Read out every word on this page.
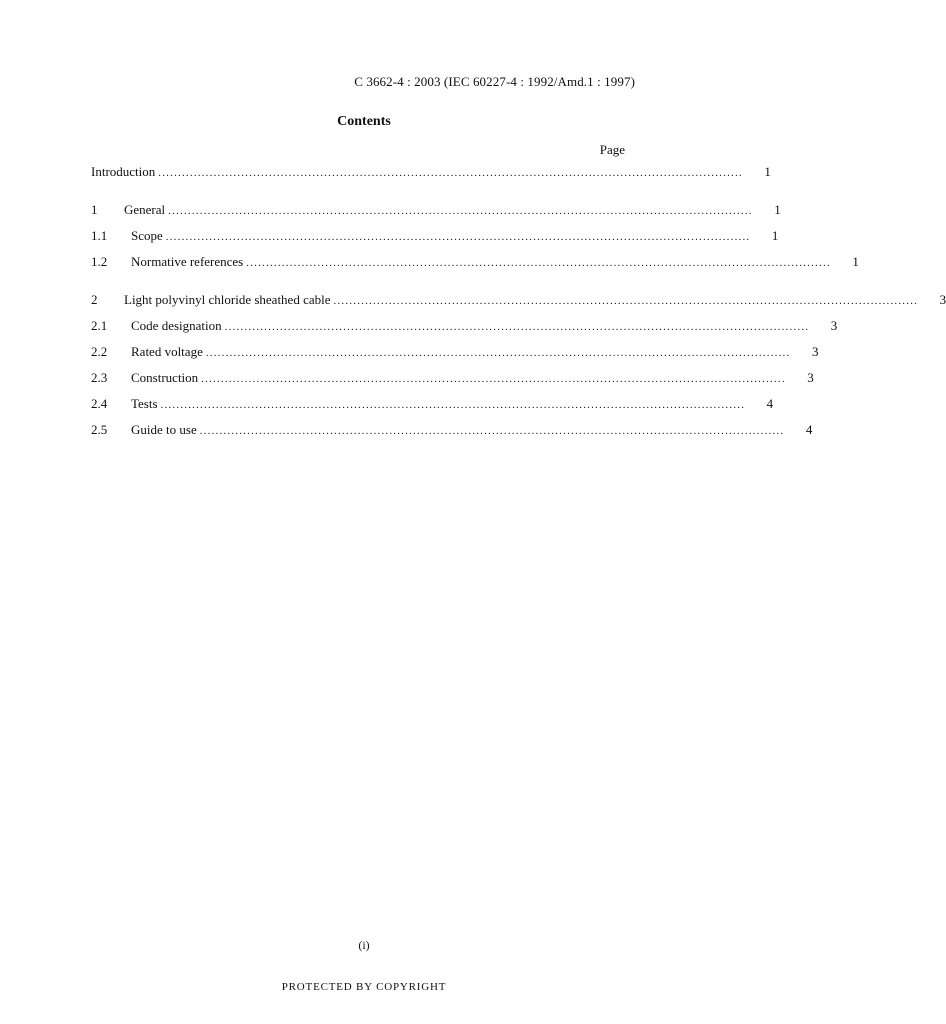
C 3662-4 : 2003 (IEC 60227-4 : 1992/Amd.1 : 1997)
Contents
Page
Introduction ....................................................................................................................................................	1
1	General ....................................................................................................................................................	1
1.1	Scope ....................................................................................................................................................	1
1.2	Normative references ....................................................................................................................................................	1
2	Light polyvinyl chloride sheathed cable ....................................................................................................................................................	3
2.1	Code designation ....................................................................................................................................................	3
2.2	Rated voltage ....................................................................................................................................................	3
2.3	Construction ....................................................................................................................................................	3
2.4	Tests ....................................................................................................................................................	4
2.5	Guide to use ....................................................................................................................................................	4
(i)
PROTECTED BY COPYRIGHT
